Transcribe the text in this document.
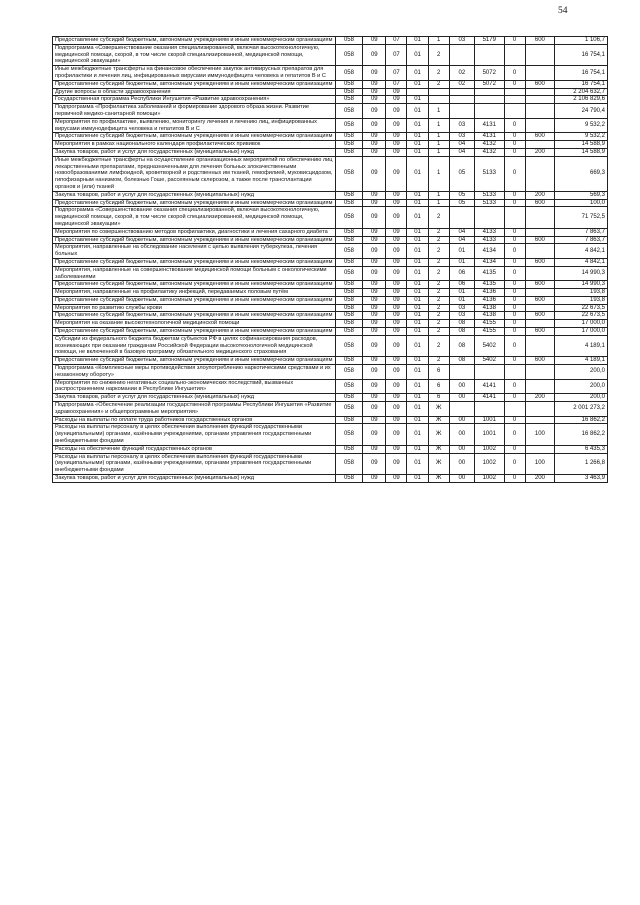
54
Предоставление субсидий бюджетным, автономным учреждениям и иным некоммерческим организациям	058	09	07	01	1	03	5179	0	600	1 106,7
Подпрограмма «Совершенствование оказания специализированной, включая высокотехнологичную, медицинской помощи, скорой, в том числе скорой специализированной, медицинской помощи, медицинской эвакуации»	058	09	07	01	2					16 754,1
Иные межбюджетные трансферты на финансовое обеспечение закупок антивирусных препаратов для профилактики и лечения лиц, инфицированных вирусами иммунодефицита человека и гепатитов В и С	058	09	07	01	2	02	5072	0		16 754,1
Предоставление субсидий бюджетным, автономным учреждениям и иным некоммерческим организациям	058	09	07	01	2	02	5072	0	600	16 754,1
Другие вопросы в области здравоохранения	058	09	09							2 204 632,7
Государственная программа Республики Ингушетия «Развитие здравоохранения»	058	09	09	01						2 106 829,6
Подпрограмма «Профилактика заболеваний и формирование здорового образа жизни. Развитие первичной медико-санитарной помощи»	058	09	09	01	1					24 790,4
Мероприятия по профилактике, выявлению, мониторингу лечения и лечению лиц, инфицированных вирусами иммунодефицита человека и гепатитов В и С	058	09	09	01	1	03	4131	0		9 532,2
Предоставление субсидий бюджетным, автономным учреждениям и иным некоммерческим организациям	058	09	09	01	1	03	4131	0	600	9 532,2
Мероприятия в рамках национального календаря профилактических прививок	058	09	09	01	1	04	4132	0		14 588,9
Закупка товаров, работ и услуг для государственных (муниципальных) нужд	058	09	09	01	1	04	4132	0	200	14 588,9
Иные межбюджетные трансферты на осуществление организационных мероприятий по обеспечению лиц лекарственными препаратами, предназначенными для лечения больных злокачественными новообразованиями лимфоидной, кроветворной и родственных им тканей, гемофилией, муковисцидозом, гипофизарным нанизмом, болезнью Гоше, рассеянным склерозом, а также после трансплантации органов и (или) тканей	058	09	09	01	1	05	5133	0		669,3
Закупка товаров, работ и услуг для государственных (муниципальных) нужд	058	09	09	01	1	05	5133	0	200	569,3
Предоставление субсидий бюджетным, автономным учреждениям и иным некоммерческим организациям	058	09	09	01	1	05	5133	0	600	100,0
Подпрограмма «Совершенствование оказания специализированной, включая высокотехнологичную, медицинской помощи, скорой, в том числе скорой специализированной, медицинской помощи, медицинской эвакуации»	058	09	09	01	2					71 752,5
Мероприятия по совершенствованию методов профилактики, диагностики и лечения сахарного диабета	058	09	09	01	2	04	4133	0		7 863,7
Предоставление субсидий бюджетным, автономным учреждениям и иным некоммерческим организациям	058	09	09	01	2	04	4133	0	600	7 863,7
Мероприятия, направленные на обследование населения с целью выявления туберкулеза, лечения больных	058	09	09	01	2	01	4134	0		4 842,1
Предоставление субсидий бюджетным, автономным учреждениям и иным некоммерческим организациям	058	09	09	01	2	01	4134	0	600	4 842,1
Мероприятия, направленные на совершенствование медицинской помощи больным с онкологическими заболеваниями	058	09	09	01	2	06	4135	0		14 990,3
Предоставление субсидий бюджетным, автономным учреждениям и иным некоммерческим организациям	058	09	09	01	2	06	4135	0	600	14 990,3
Мероприятия, направленные на профилактику инфекций, передаваемых половым путём	058	09	09	01	2	01	4136	0		193,8
Предоставление субсидий бюджетным, автономным учреждениям и иным некоммерческим организациям	058	09	09	01	2	01	4136	0	600	193,8
Мероприятия по развитию службы крови	058	09	09	01	2	03	4138	0		22 673,5
Предоставление субсидий бюджетным, автономным учреждениям и иным некоммерческим организациям	058	09	09	01	2	03	4138	0	600	22 673,5
Мероприятия на оказание высокотехнологичной медицинской помощи	058	09	09	01	2	08	4155	0		17 000,0
Предоставление субсидий бюджетным, автономным учреждениям и иным некоммерческим организациям	058	09	09	01	2	08	4155	0	600	17 000,0
Субсидии из федерального бюджета бюджетам субъектов РФ в целях софинансирования расходов, возникающих при оказании гражданам Российской Федерации высокотехнологичной медицинской помощи, не включенной в базовую программу обязательного медицинского страхования	058	09	09	01	2	08	5402	0		4 189,1
Предоставление субсидий бюджетным, автономным учреждениям и иным некоммерческим организациям	058	09	09	01	2	08	5402	0	600	4 189,1
Подпрограмма «Комплексные меры противодействия злоупотреблению наркотическими средствами и их незаконному обороту»	058	09	09	01	6					200,0
Мероприятия по снижению негативных социально-экономических последствий, вызванных распространением наркомании в Республике Ингушетия»	058	09	09	01	6	00	4141	0		200,0
Закупка товаров, работ и услуг для государственных (муниципальных) нужд	058	09	09	01	6	00	4141	0	200	200,0
Подпрограмма «Обеспечение реализации государственной программы Республики Ингушетия «Развитие здравоохранения» и общепрограммные мероприятия»	058	09	09	01	Ж					2 001 273,2
Расходы на выплаты по оплате труда работников государственных органов	058	09	09	01	Ж	00	1001	0		16 862,2
Расходы на выплаты персоналу в целях обеспечения выполнения функций государственными (муниципальными) органами, казёнными учреждениями, органами управления государственными внебюджетными фондами	058	09	09	01	Ж	00	1001	0	100	16 862,2
Расходы на обеспечение функций государственных органов	058	09	09	01	Ж	00	1002	0		6 435,3
Расходы на выплаты персоналу в целях обеспечения выполнения функций государственными (муниципальными) органами, казёнными учреждениями, органами управления государственными внебюджетными фондами	058	09	09	01	Ж	00	1002	0	100	1 266,8
Закупка товаров, работ и услуг для государственных (муниципальных) нужд	058	09	09	01	Ж	00	1002	0	200	3 463,9
